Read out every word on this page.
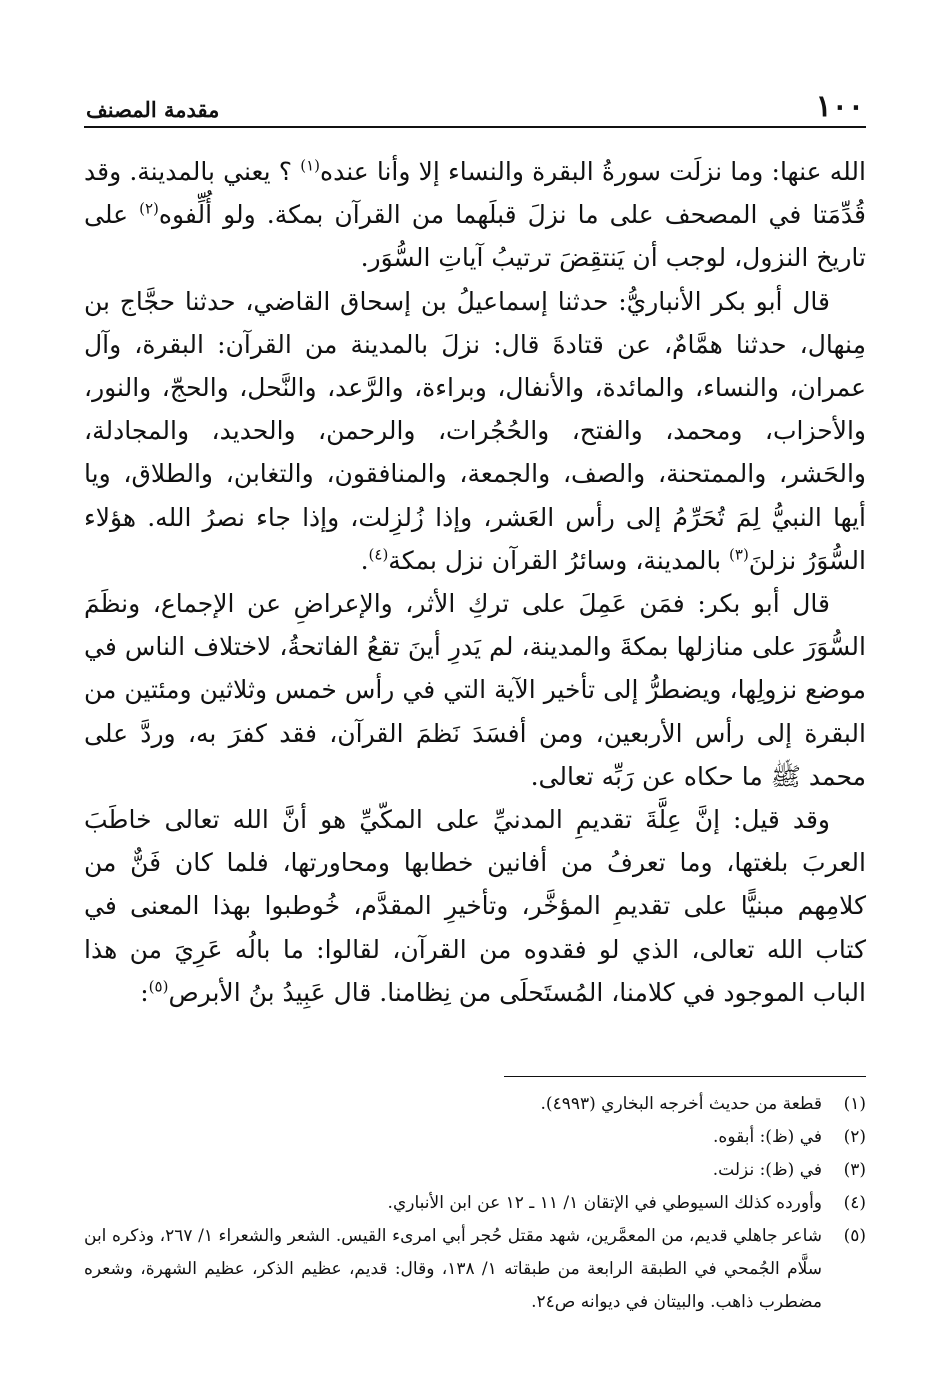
١٠٠
مقدمة المصنف

الله عنها: وما نزلَت سورةُ البقرة والنساء إلا وأنا عنده$^{(١)}$ ؟ يعني بالمدينة. وقد قُدِّمَتا في المصحف على ما نزلَ قبلَهما من القرآن بمكة. ولو أُلِّفوه$^{(٢)}$ على تاريخ النزول، لوجب أن يَنتقِضَ ترتيبُ آياتِ السُّوَر.

قال أبو بكر الأنباريُّ: حدثنا إسماعيلُ بن إسحاق القاضي، حدثنا حجَّاج بن مِنهال، حدثنا همَّامٌ، عن قتادةَ قال: نزلَ بالمدينة من القرآن: البقرة، وآل عمران، والنساء، والمائدة، والأنفال، وبراءة، والرَّعد، والنَّحل، والحجّ، والنور، والأحزاب، ومحمد، والفتح، والحُجُرات، والرحمن، والحديد، والمجادلة، والحَشر، والممتحنة، والصف، والجمعة، والمنافقون، والتغابن، والطلاق، ويا أيها النبيُّ لِمَ تُحَرِّمُ إلى رأس العَشر، وإذا زُلزِلت، وإذا جاء نصرُ الله. هؤلاء السُّوَرُ نزلنَ$^{(٣)}$ بالمدينة، وسائرُ القرآن نزل بمكة$^{(٤)}$.

قال أبو بكر: فمَن عَمِلَ على تركِ الأثر، والإعراضِ عن الإجماع، ونظَمَ السُّوَرَ على منازلها بمكةَ والمدينة، لم يَدرِ أينَ تقعُ الفاتحةُ، لاختلاف الناس في موضع نزولِها، ويضطرُّ إلى تأخير الآية التي في رأس خمس وثلاثين ومئتين من البقرة إلى رأس الأربعين، ومن أفسَدَ نَظمَ القرآن، فقد كفرَ به، وردَّ على محمد ﷺ ما حكاه عن رَبِّه تعالى.

وقد قيل: إنَّ عِلَّةَ تقديمِ المدنيِّ على المكّيِّ هو أنَّ الله تعالى خاطَبَ العربَ بلغتها، وما تعرفُ من أفانين خطابها ومحاورتها، فلما كان فَنٌّ من كلامِهم مبنيًّا على تقديمِ المؤخَّر، وتأخيرِ المقدَّم، خُوطبوا بهذا المعنى في كتاب الله تعالى، الذي لو فقدوه من القرآن، لقالوا: ما بالُه عَرِيَ من هذا الباب الموجود في كلامنا، المُستَحلَى من نِظامنا. قال عَبِيدُ بنُ الأبرص$^{(٥)}$:

(١)
قطعة من حديث أخرجه البخاري (٤٩٩٣).
(٢)
في (ظ): أبقوه.
(٣)
في (ظ): نزلت.
(٤)
وأورده كذلك السيوطي في الإتقان ١/ ١١ ـ ١٢ عن ابن الأنباري.
(٥)
شاعر جاهلي قديم، من المعمَّرين، شهد مقتل حُجر أبي امرىء القيس. الشعر والشعراء ١/ ٢٦٧، وذكره ابن سلَّام الجُمحي في الطبقة الرابعة من طبقاته ١/ ١٣٨، وقال: قديم، عظيم الذكر، عظيم الشهرة، وشعره مضطرب ذاهب. والبيتان في ديوانه ص٢٤.
